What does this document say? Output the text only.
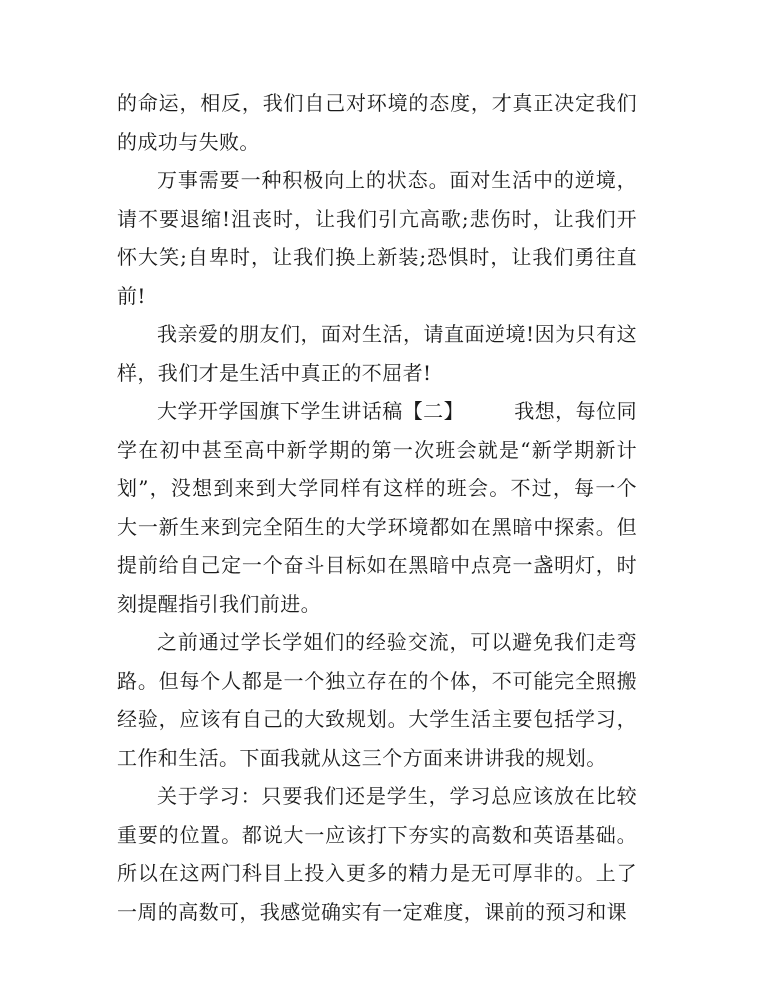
的命运，相反，我们自己对环境的态度，才真正决定我们的成功与失败。

万事需要一种积极向上的状态。面对生活中的逆境，请不要退缩!沮丧时，让我们引亢高歌;悲伤时，让我们开怀大笑;自卑时，让我们换上新装;恐惧时，让我们勇往直前!

我亲爱的朋友们，面对生活，请直面逆境!因为只有这样，我们才是生活中真正的不屈者!

大学开学国旗下学生讲话稿【二】	我想，每位同学在初中甚至高中新学期的第一次班会就是“新学期新计划”，没想到来到大学同样有这样的班会。不过，每一个大一新生来到完全陌生的大学环境都如在黑暗中探索。但提前给自己定一个奋斗目标如在黑暗中点亮一盏明灯，时刻提醒指引我们前进。

之前通过学长学姐们的经验交流，可以避免我们走弯路。但每个人都是一个独立存在的个体，不可能完全照搬经验，应该有自己的大致规划。大学生活主要包括学习，工作和生活。下面我就从这三个方面来讲讲我的规划。

关于学习：只要我们还是学生，学习总应该放在比较重要的位置。都说大一应该打下夯实的高数和英语基础。所以在这两门科目上投入更多的精力是无可厚非的。上了一周的高数可，我感觉确实有一定难度，课前的预习和课
